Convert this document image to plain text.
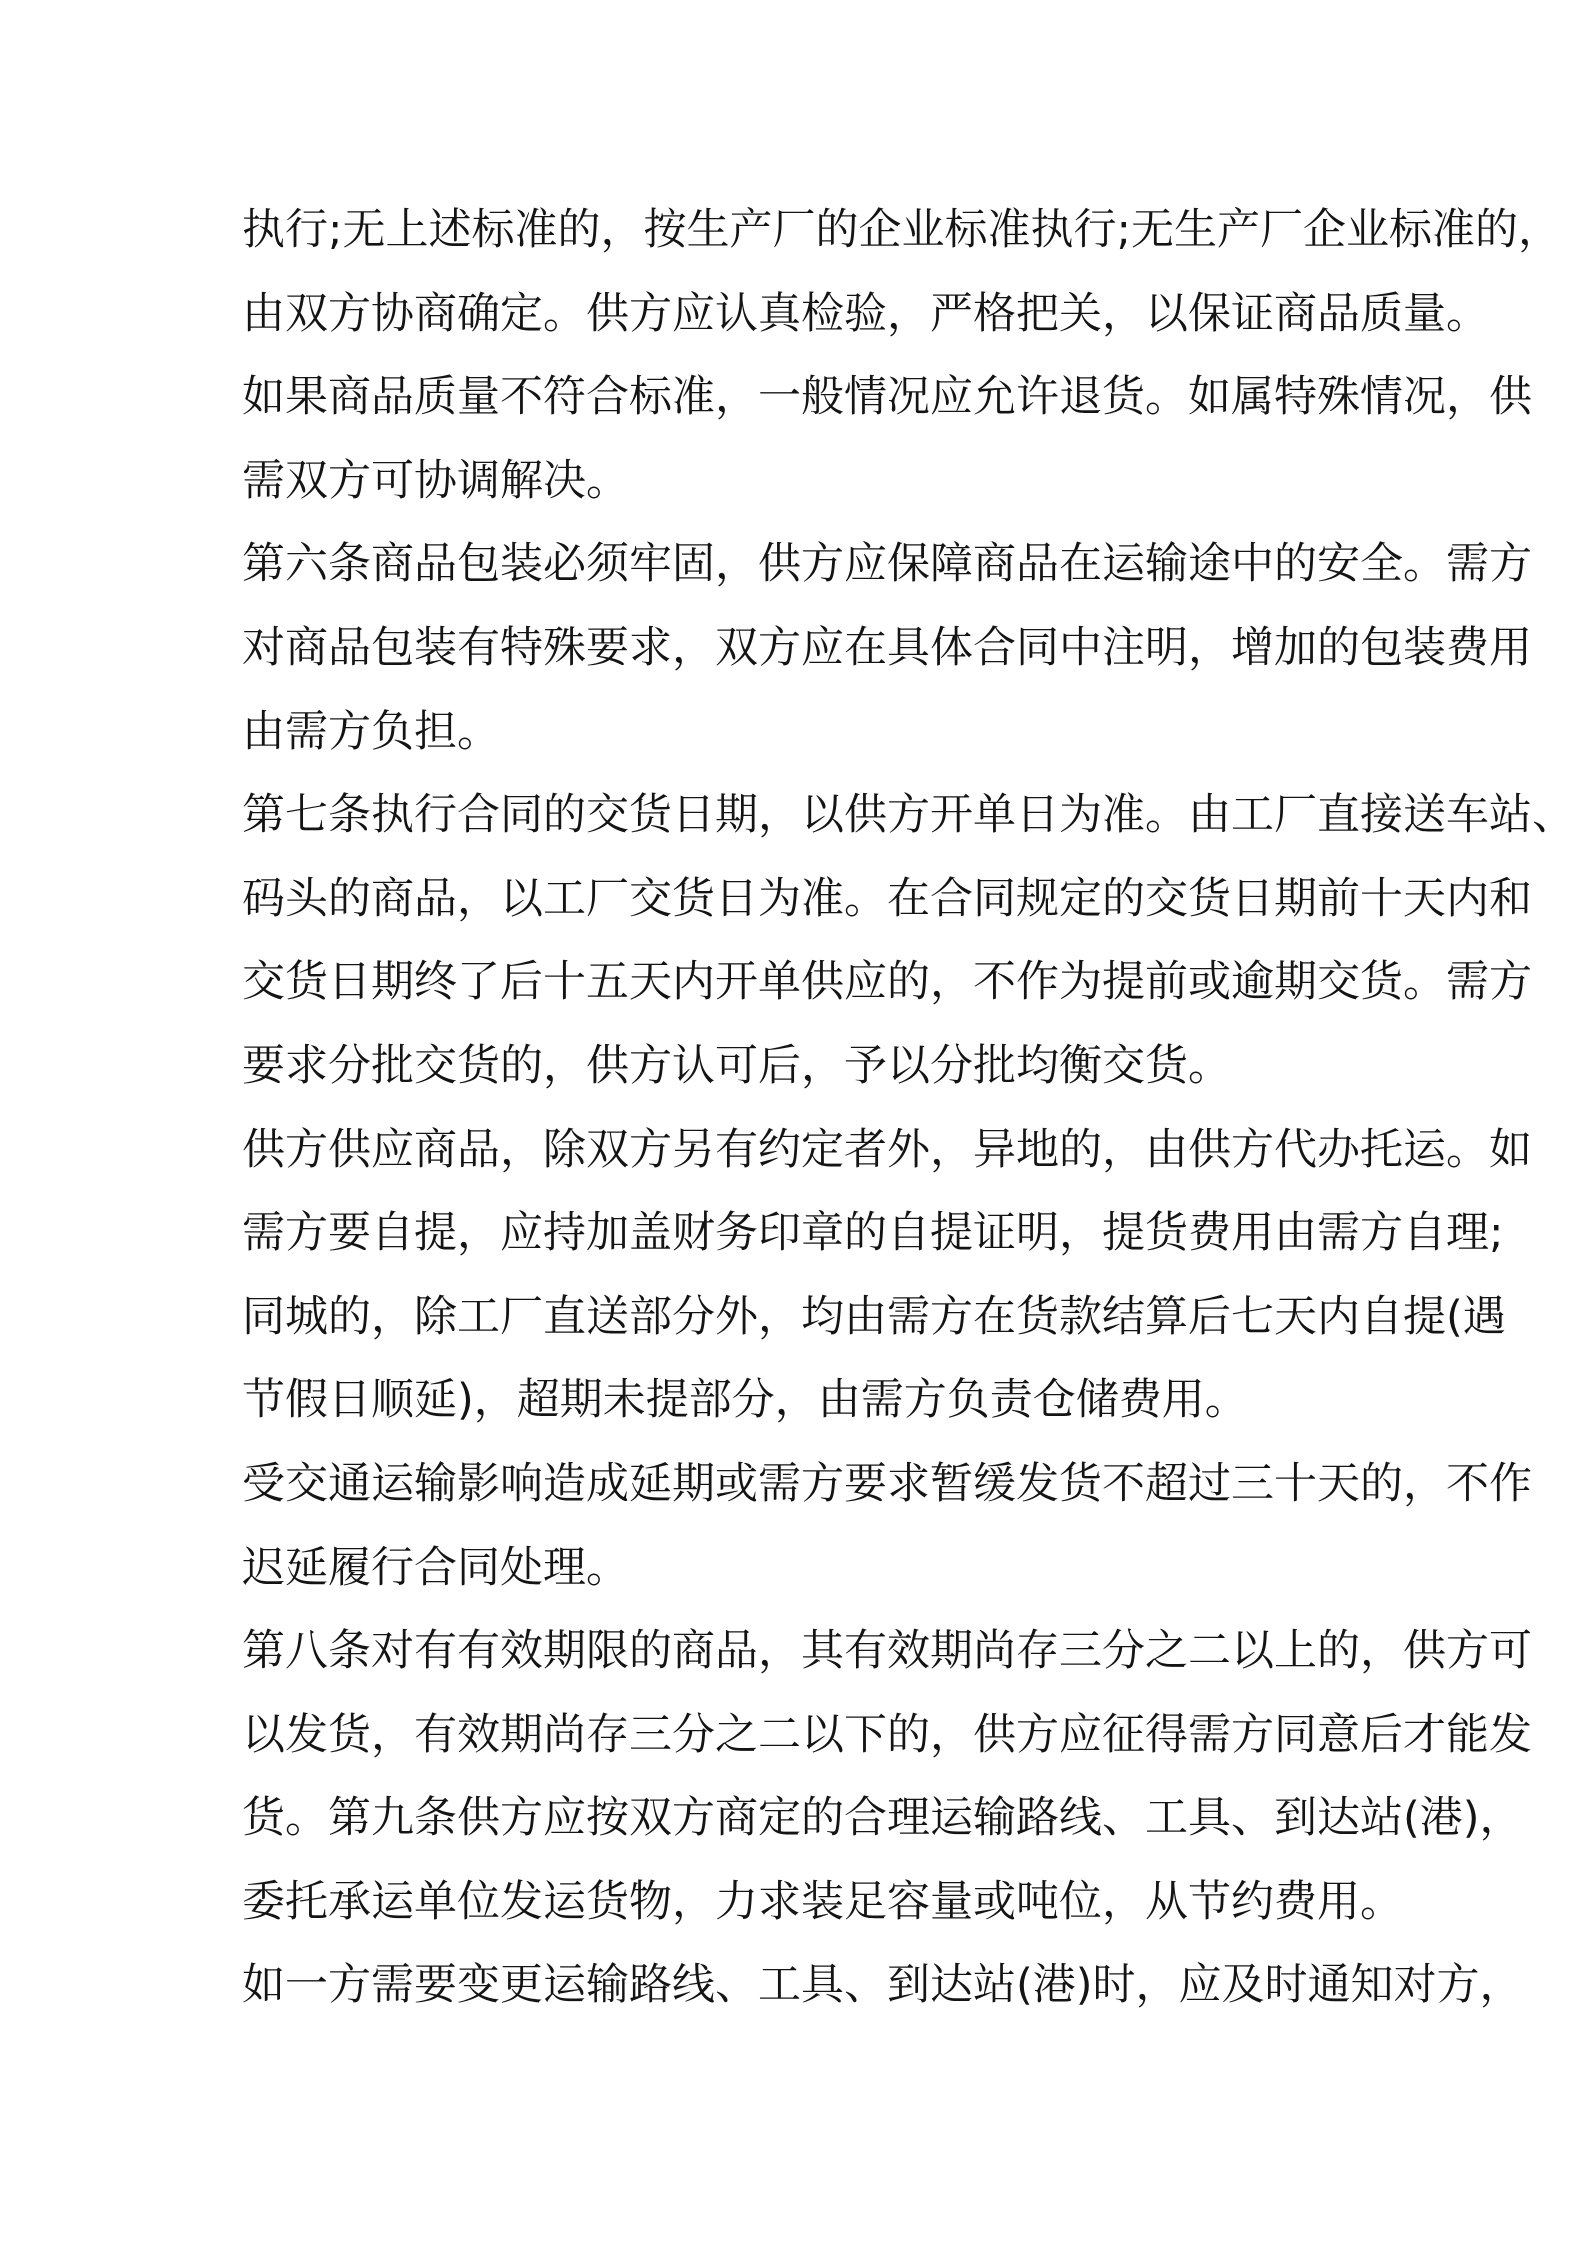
执行;无上述标准的，按生产厂的企业标准执行;无生产厂企业标准的，
由双方协商确定。供方应认真检验，严格把关，以保证商品质量。
如果商品质量不符合标准，一般情况应允许退货。如属特殊情况，供
需双方可协调解决。
第六条商品包装必须牢固，供方应保障商品在运输途中的安全。需方
对商品包装有特殊要求，双方应在具体合同中注明，增加的包装费用
由需方负担。
第七条执行合同的交货日期，以供方开单日为准。由工厂直接送车站、
码头的商品，以工厂交货日为准。在合同规定的交货日期前十天内和
交货日期终了后十五天内开单供应的，不作为提前或逾期交货。需方
要求分批交货的，供方认可后，予以分批均衡交货。
供方供应商品，除双方另有约定者外，异地的，由供方代办托运。如
需方要自提，应持加盖财务印章的自提证明，提货费用由需方自理;
同城的，除工厂直送部分外，均由需方在货款结算后七天内自提(遇
节假日顺延)，超期未提部分，由需方负责仓储费用。
受交通运输影响造成延期或需方要求暂缓发货不超过三十天的，不作
迟延履行合同处理。
第八条对有有效期限的商品，其有效期尚存三分之二以上的，供方可
以发货，有效期尚存三分之二以下的，供方应征得需方同意后才能发
货。第九条供方应按双方商定的合理运输路线、工具、到达站(港)，
委托承运单位发运货物，力求装足容量或吨位，从节约费用。
如一方需要变更运输路线、工具、到达站(港)时，应及时通知对方，
